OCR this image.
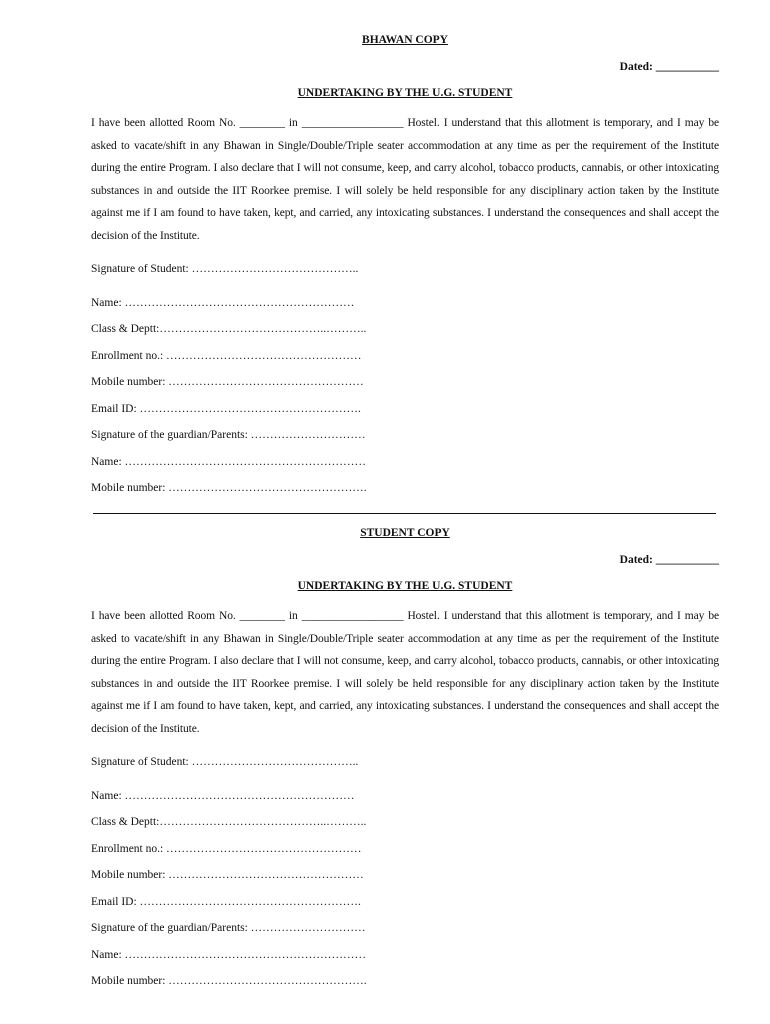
BHAWAN COPY
Dated: ___________
UNDERTAKING BY THE U.G. STUDENT
I have been allotted Room No. ________ in __________________ Hostel. I understand that this allotment is temporary, and I may be asked to vacate/shift in any Bhawan in Single/Double/Triple seater accommodation at any time as per the requirement of the Institute during the entire Program. I also declare that I will not consume, keep, and carry alcohol, tobacco products, cannabis, or other intoxicating substances in and outside the IIT Roorkee premise. I will solely be held responsible for any disciplinary action taken by the Institute against me if I am found to have taken, kept, and carried, any intoxicating substances. I understand the consequences and shall accept the decision of the Institute.
Signature of Student: ……………………………………..
Name: ……………………………………………………
Class & Deptt:……………………………………..………..
Enrollment no.: ……………………………………………
Mobile number: ……………………………………………
Email ID: ………………………………………………….
Signature of the guardian/Parents: …………………………
Name: ………………………………………………………
Mobile number: …………………………………………….
STUDENT COPY
Dated: ___________
UNDERTAKING BY THE U.G. STUDENT
I have been allotted Room No. ________ in __________________ Hostel. I understand that this allotment is temporary, and I may be asked to vacate/shift in any Bhawan in Single/Double/Triple seater accommodation at any time as per the requirement of the Institute during the entire Program. I also declare that I will not consume, keep, and carry alcohol, tobacco products, cannabis, or other intoxicating substances in and outside the IIT Roorkee premise. I will solely be held responsible for any disciplinary action taken by the Institute against me if I am found to have taken, kept, and carried, any intoxicating substances. I understand the consequences and shall accept the decision of the Institute.
Signature of Student: ……………………………………..
Name: ……………………………………………………
Class & Deptt:……………………………………..………..
Enrollment no.: ……………………………………………
Mobile number: ……………………………………………
Email ID: ………………………………………………….
Signature of the guardian/Parents: …………………………
Name: ………………………………………………………
Mobile number: …………………………………………….
